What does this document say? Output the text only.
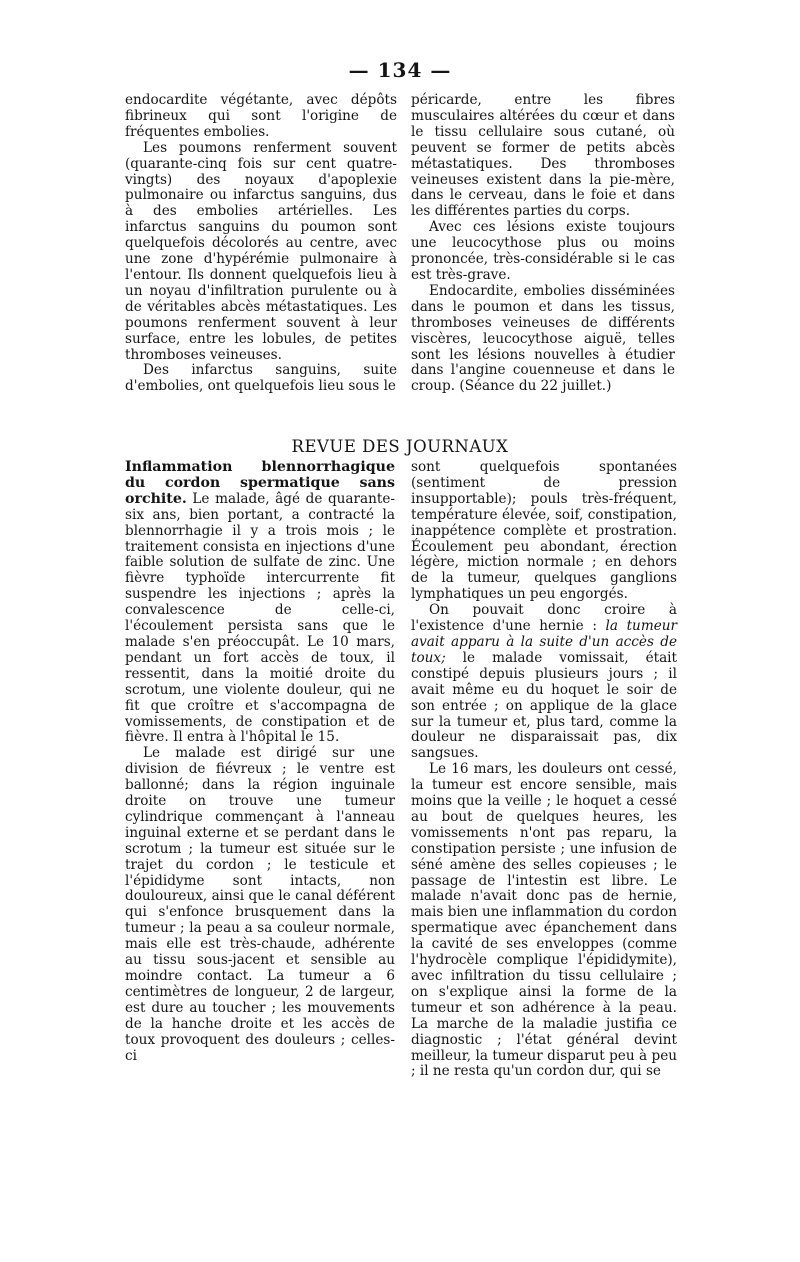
— 134 —

endocardite végétante, avec dépôts fibrineux qui sont l'origine de fréquentes embolies.

Les poumons renferment souvent (quarante-cinq fois sur cent quatre-vingts) des noyaux d'apoplexie pulmonaire ou infarctus sanguins, dus à des embolies artérielles. Les infarctus sanguins du poumon sont quelquefois décolorés au centre, avec une zone d'hypérémie pulmonaire à l'entour. Ils donnent quelquefois lieu à un noyau d'infiltration purulente ou à de véritables abcès métastatiques. Les poumons renferment souvent à leur surface, entre les lobules, de petites thromboses veineuses.

Des infarctus sanguins, suite d'embolies, ont quelquefois lieu sous le

péricarde, entre les fibres musculaires altérées du cœur et dans le tissu cellulaire sous cutané, où peuvent se former de petits abcès métastatiques. Des thromboses veineuses existent dans la pie-mère, dans le cerveau, dans le foie et dans les différentes parties du corps.

Avec ces lésions existe toujours une leucocythose plus ou moins prononcée, très-considérable si le cas est très-grave.

Endocardite, embolies disséminées dans le poumon et dans les tissus, thromboses veineuses de différents viscères, leucocythose aiguë, telles sont les lésions nouvelles à étudier dans l'angine couenneuse et dans le croup. (Séance du 22 juillet.)

REVUE DES JOURNAUX

Inflammation blennorrhagique du cordon spermatique sans orchite. Le malade, âgé de quarante-six ans, bien portant, a contracté la blennorrhagie il y a trois mois ; le traitement consista en injections d'une faible solution de sulfate de zinc. Une fièvre typhoïde intercurrente fit suspendre les injections ; après la convalescence de celle-ci, l'écoulement persista sans que le malade s'en préoccupât. Le 10 mars, pendant un fort accès de toux, il ressentit, dans la moitié droite du scrotum, une violente douleur, qui ne fit que croître et s'accompagna de vomissements, de constipation et de fièvre. Il entra à l'hôpital le 15.

Le malade est dirigé sur une division de fiévreux ; le ventre est ballonné; dans la région inguinale droite on trouve une tumeur cylindrique commençant à l'anneau inguinal externe et se perdant dans le scrotum ; la tumeur est située sur le trajet du cordon ; le testicule et l'épididyme sont intacts, non douloureux, ainsi que le canal déférent qui s'enfonce brusquement dans la tumeur ; la peau a sa couleur normale, mais elle est très-chaude, adhérente au tissu sous-jacent et sensible au moindre contact. La tumeur a 6 centimètres de longueur, 2 de largeur, est dure au toucher ; les mouvements de la hanche droite et les accès de toux provoquent des douleurs ; celles-ci

sont quelquefois spontanées (sentiment de pression insupportable); pouls très-fréquent, température élevée, soif, constipation, inappétence complète et prostration. Écoulement peu abondant, érection légère, miction normale ; en dehors de la tumeur, quelques ganglions lymphatiques un peu engorgés.

On pouvait donc croire à l'existence d'une hernie : la tumeur avait apparu à la suite d'un accès de toux; le malade vomissait, était constipé depuis plusieurs jours ; il avait même eu du hoquet le soir de son entrée ; on applique de la glace sur la tumeur et, plus tard, comme la douleur ne disparaissait pas, dix sangsues.

Le 16 mars, les douleurs ont cessé, la tumeur est encore sensible, mais moins que la veille ; le hoquet a cessé au bout de quelques heures, les vomissements n'ont pas reparu, la constipation persiste ; une infusion de séné amène des selles copieuses ; le passage de l'intestin est libre. Le malade n'avait donc pas de hernie, mais bien une inflammation du cordon spermatique avec épanchement dans la cavité de ses enveloppes (comme l'hydrocèle complique l'épididymite), avec infiltration du tissu cellulaire ; on s'explique ainsi la forme de la tumeur et son adhérence à la peau. La marche de la maladie justifia ce diagnostic ; l'état général devint meilleur, la tumeur disparut peu à peu ; il ne resta qu'un cordon dur, qui se
